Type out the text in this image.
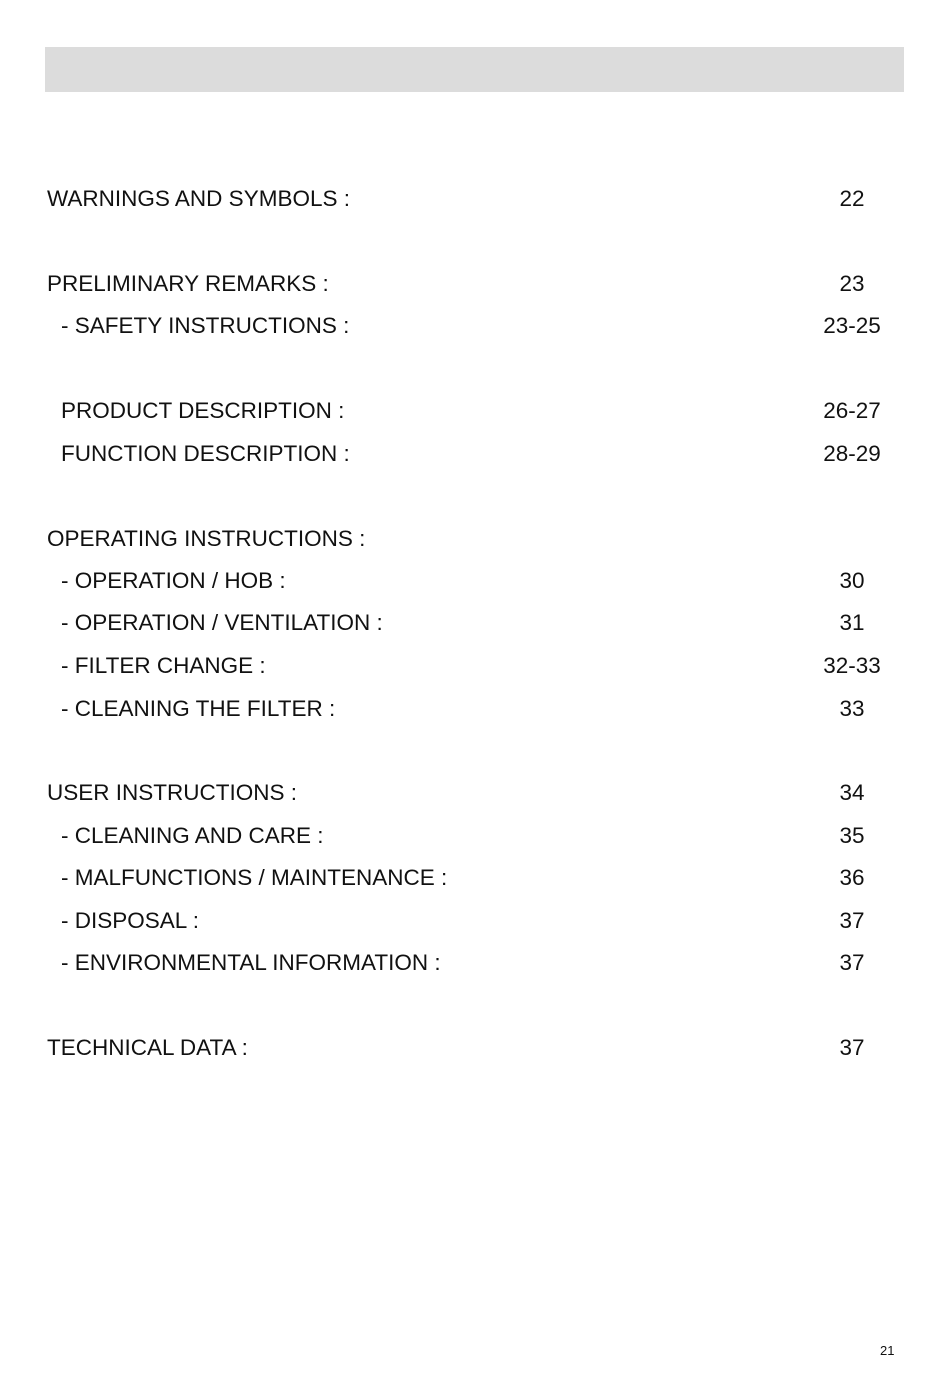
WARNINGS AND SYMBOLS :	22
PRELIMINARY REMARKS :	23
- SAFETY INSTRUCTIONS :	23-25
PRODUCT DESCRIPTION :	26-27
FUNCTION DESCRIPTION :	28-29
OPERATING INSTRUCTIONS :
- OPERATION / HOB :	30
- OPERATION / VENTILATION :	31
- FILTER CHANGE :	32-33
- CLEANING THE FILTER :	33
USER INSTRUCTIONS :	34
- CLEANING AND CARE :	35
- MALFUNCTIONS / MAINTENANCE :	36
- DISPOSAL :	37
- ENVIRONMENTAL INFORMATION :	37
TECHNICAL DATA :	37
21
